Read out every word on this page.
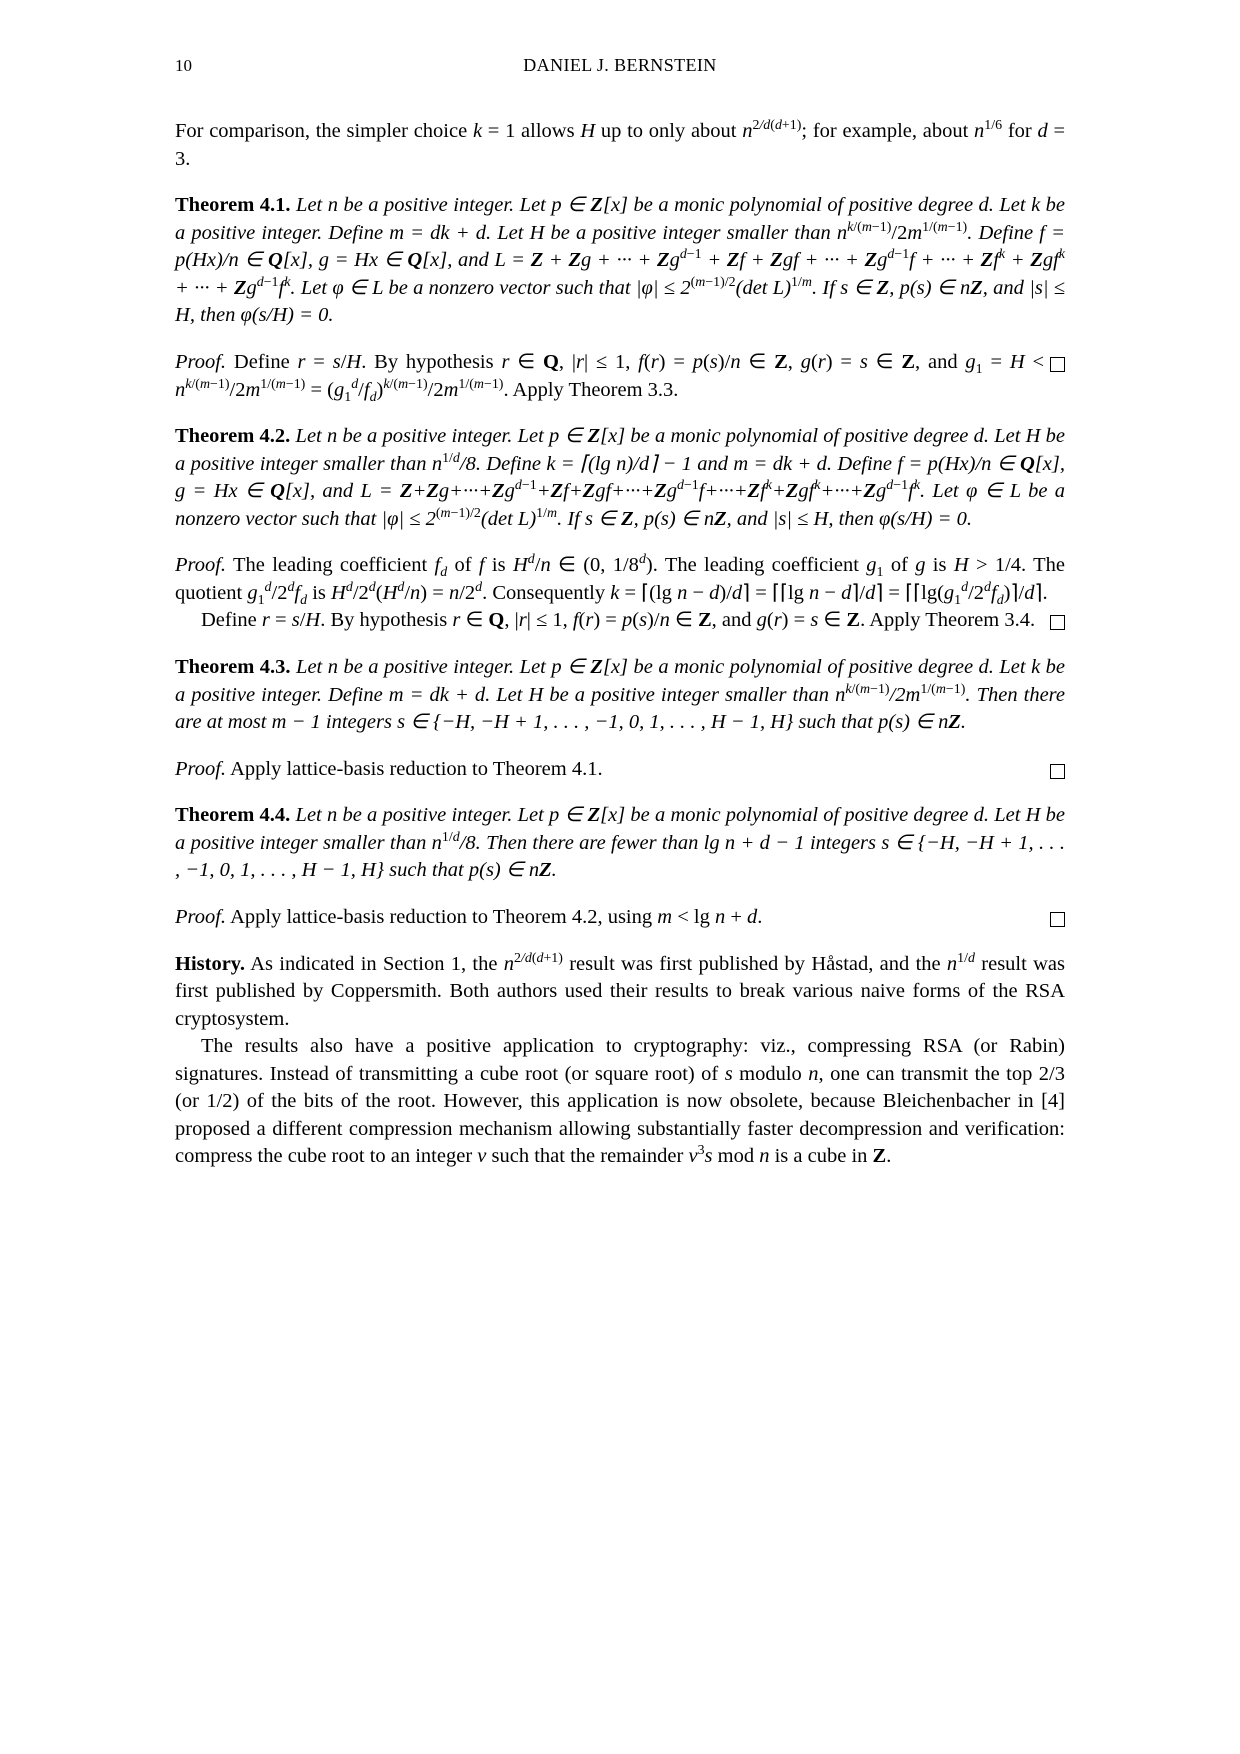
10	DANIEL J. BERNSTEIN

For comparison, the simpler choice k = 1 allows H up to only about $n^{2/d(d+1)}$; for example, about $n^{1/6}$ for d = 3.

Theorem 4.1. Let n be a positive integer. Let p ∈ Z[x] be a monic polynomial of positive degree d. Let k be a positive integer. Define m = dk + d. Let H be a positive integer smaller than $n^{k/(m-1)}/2m^{1/(m-1)}$. Define f = p(Hx)/n ∈ Q[x], g = Hx ∈ Q[x], and L = Z + Zg + ··· + $Zg^{d-1} + Zf$ + Zgf + ··· + $Zg^{d-1}f$ + ··· + $Zf^k + Zgf^k$ + ··· + $Zg^{d-1}f^k$. Let φ ∈ L be a nonzero vector such that $|\varphi| \le 2^{(m-1)/2}(\det$ L)$^{1/m}$. If s ∈ Z, p(s) ∈ nZ, and |s| ≤ H, then φ(s/H) = 0.

Proof.
Define r = s/H. By hypothesis r ∈ Q, |r| ≤ 1, f(r) = p(s)/n ∈ Z, g(r) = s ∈ Z, and $g_1 = H < n^{k/(m-1)}/2m^{1/(m-1)} = (g_1^d/f_d)^{k/(m-1)}/2m^{1/(m-1)}$. Apply Theorem 3.3.

Theorem 4.2. Let n be a positive integer. Let p ∈ Z[x] be a monic polynomial of positive degree d. Let H be a positive integer smaller than $n^{1/d}/8$. Define k = ⌈(lg n)/d⌉ − 1 and m = dk + d. Define f = p(Hx)/n ∈ Q[x], g = Hx ∈ Q[x], and $L = Z+Zg+\cdot\cdot\cdot+Zg^{d-1}+Zf+Zgf+\cdot\cdot\cdot+Zg^{d-1}f+\cdot\cdot\cdot+Zf^k+Zgf^k+\cdot\cdot\cdot+Zg^{d-1}f^k$. Let φ ∈ L be a nonzero vector such that $|\varphi| \le 2^{(m-1)/2}(\det$ L)$^{1/m}$. If s ∈ Z, p(s) ∈ nZ, and |s| ≤ H, then φ(s/H) = 0.

Proof. The leading coefficient $f_d$ of f is $H^d/n$ ∈ (0, 1/8$^d$). The leading coefficient $g_1$ of g is H > 1/4. The quotient $g_1^d/2^df_d$ is $H^d/2^d(H^d/n) = n/2^d$. Consequently k = ⌈(lg n − d)/d⌉ = ⌈⌈lg n − d⌉/d⌉ = $⌈⌈\lg(g_1^d/2^df_d)⌉/d⌉$.

Define r = s/H. By hypothesis r ∈ Q, |r| ≤ 1, f(r) = p(s)/n ∈ Z, and g(r) = s ∈ Z. Apply Theorem 3.4.

Theorem 4.3. Let n be a positive integer. Let p ∈ Z[x] be a monic polynomial of positive degree d. Let k be a positive integer. Define m = dk + d. Let H be a positive integer smaller than $n^{k/(m-1)}/2m^{1/(m-1)}$. Then there are at most m − 1 integers s ∈ {−H, −H + 1, . . . , −1, 0, 1, . . . , H − 1, H} such that p(s) ∈ nZ.

Proof. Apply lattice-basis reduction to Theorem 4.1.

Theorem 4.4. Let n be a positive integer. Let p ∈ Z[x] be a monic polynomial of positive degree d. Let H be a positive integer smaller than $n^{1/d}/8$. Then there are fewer than lg n + d − 1 integers s ∈ {−H, −H + 1, . . . , −1, 0, 1, . . . , H − 1, H} such that p(s) ∈ nZ.

Proof. Apply lattice-basis reduction to Theorem 4.2, using m < lg n + d.

History. As indicated in Section 1, the $n^{2/d(d+1)}$ result was first published by Håstad, and the $n^{1/d}$ result was first published by Coppersmith. Both authors used their results to break various naive forms of the RSA cryptosystem.

The results also have a positive application to cryptography: viz., compressing RSA (or Rabin) signatures. Instead of transmitting a cube root (or square root) of s modulo n, one can transmit the top 2/3 (or 1/2) of the bits of the root. However, this application is now obsolete, because Bleichenbacher in [4] proposed a different compression mechanism allowing substantially faster decompression and verification: compress the cube root to an integer v such that the remainder $v^3s$ mod n is a cube in Z.
